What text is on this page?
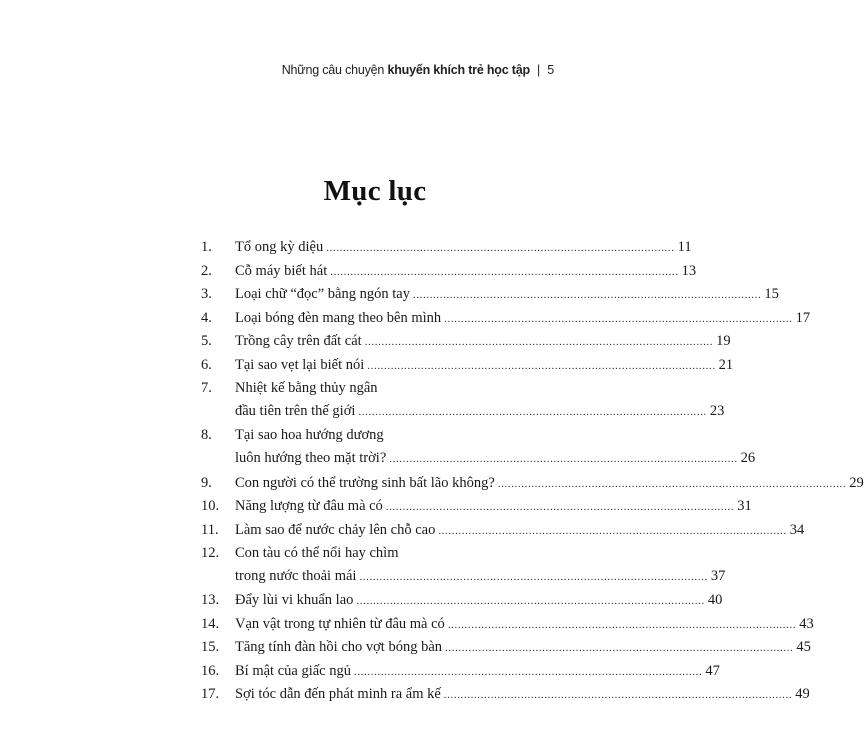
Những câu chuyện khuyến khích trẻ học tập | 5
Mục lục
1. Tổ ong kỳ diệu ........................................................................................................ 11
2. Cỗ máy biết hát ........................................................................................................ 13
3. Loại chữ “đọc” bằng ngón tay ........................................................................................................ 15
4. Loại bóng đèn mang theo bên mình ........................................................................................................ 17
5. Trồng cây trên đất cát ........................................................................................................ 19
6. Tại sao vẹt lại biết nói ........................................................................................................ 21
7. Nhiệt kế bằng thủy ngân
đầu tiên trên thế giới ........................................................................................................ 23
8. Tại sao hoa hướng dương
luôn hướng theo mặt trời? ........................................................................................................ 26
9. Con người có thể trường sinh bất lão không? ........................................................................................................ 29
10. Năng lượng từ đâu mà có ........................................................................................................ 31
11. Làm sao để nước chảy lên chỗ cao ........................................................................................................ 34
12. Con tàu có thể nổi hay chìm
trong nước thoải mái ........................................................................................................ 37
13. Đẩy lùi vi khuẩn lao ........................................................................................................ 40
14. Vạn vật trong tự nhiên từ đâu mà có ........................................................................................................ 43
15. Tăng tính đàn hồi cho vợt bóng bàn ........................................................................................................ 45
16. Bí mật của giấc ngủ ........................................................................................................ 47
17. Sợi tóc dẫn đến phát minh ra ẩm kế ........................................................................................................ 49
